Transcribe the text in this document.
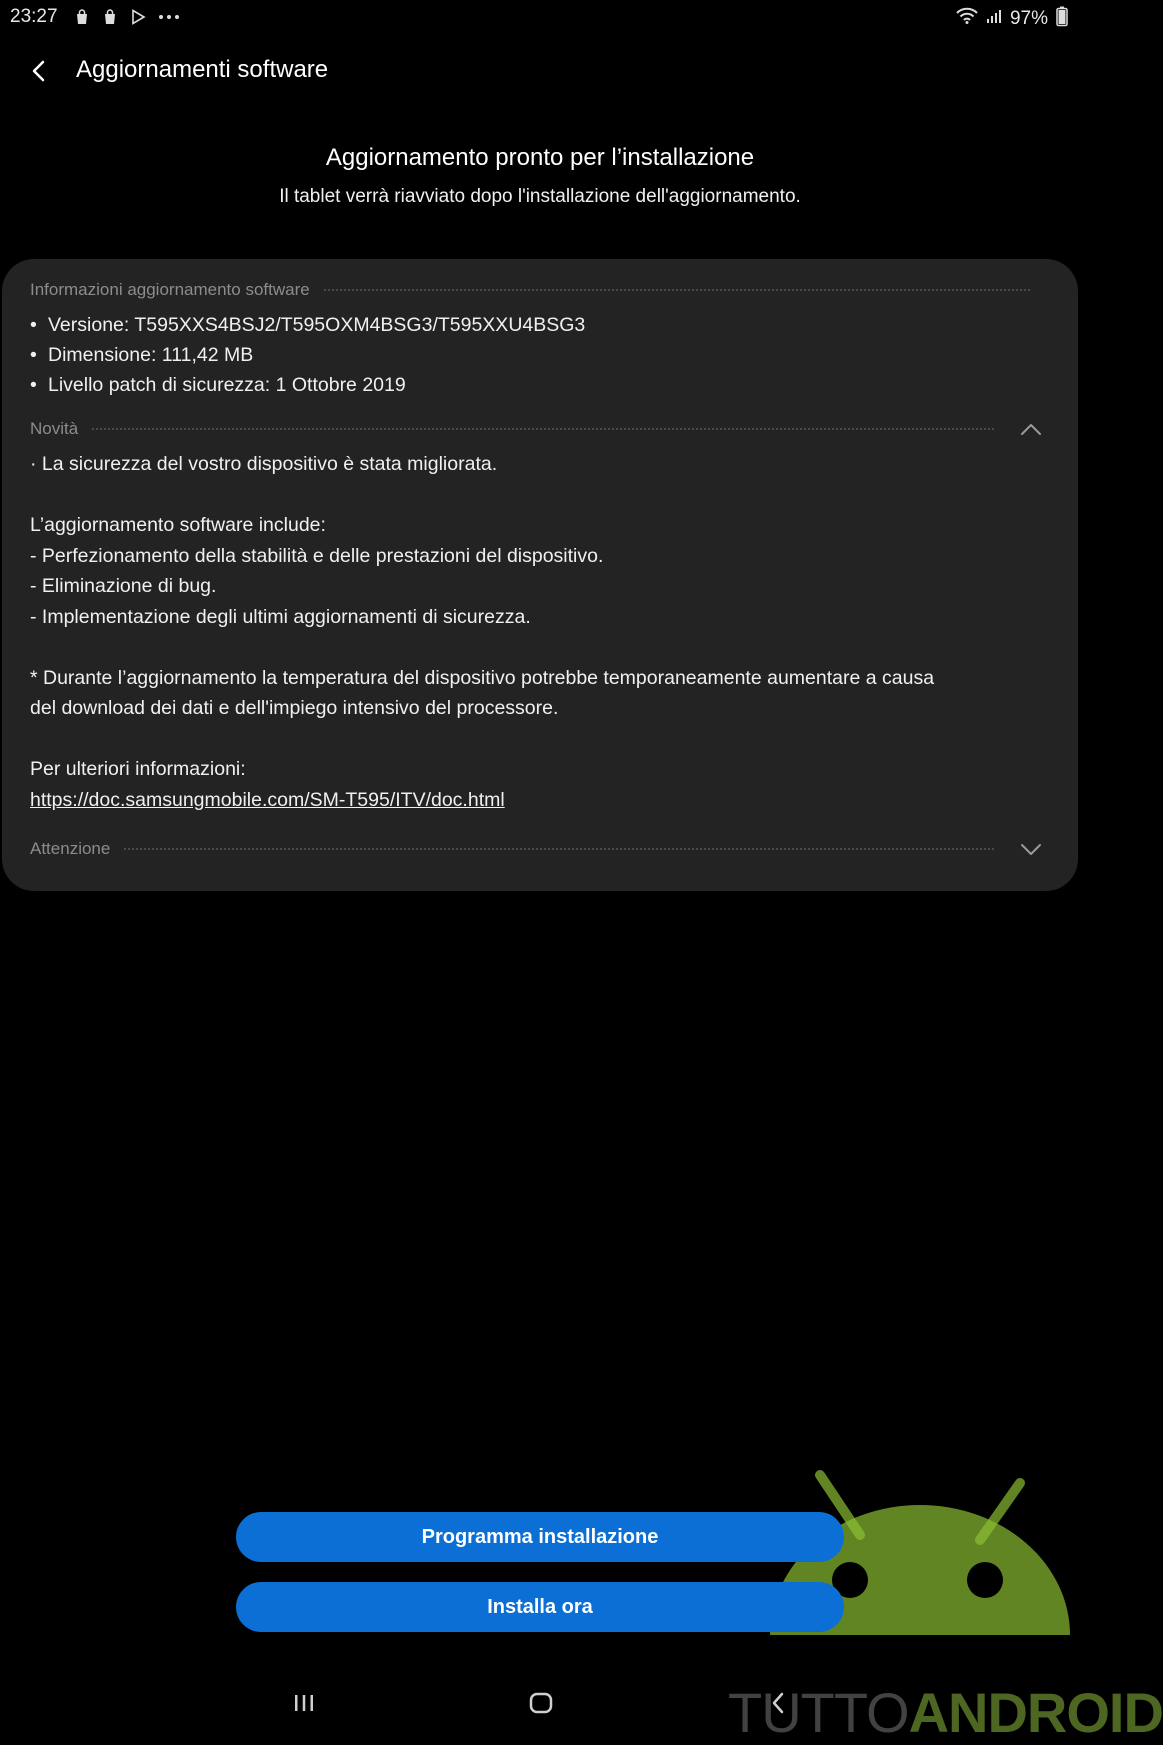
23:27	97%
Aggiornamenti software
Aggiornamento pronto per l’installazione
Il tablet verrà riavviato dopo l'installazione dell'aggiornamento.
Informazioni aggiornamento software
• Versione: T595XXS4BSJ2/T595OXM4BSG3/T595XXU4BSG3
• Dimensione: 111,42 MB
• Livello patch di sicurezza: 1 Ottobre 2019
Novità
· La sicurezza del vostro dispositivo è stata migliorata.
L’aggiornamento software include:
- Perfezionamento della stabilità e delle prestazioni del dispositivo.
- Eliminazione di bug.
- Implementazione degli ultimi aggiornamenti di sicurezza.
* Durante l’aggiornamento la temperatura del dispositivo potrebbe temporaneamente aumentare a causa
del download dei dati e dell'impiego intensivo del processore.
Per ulteriori informazioni:
https://doc.samsungmobile.com/SM-T595/ITV/doc.html
Attenzione
Programma installazione
Installa ora
TUTTOANDROID
